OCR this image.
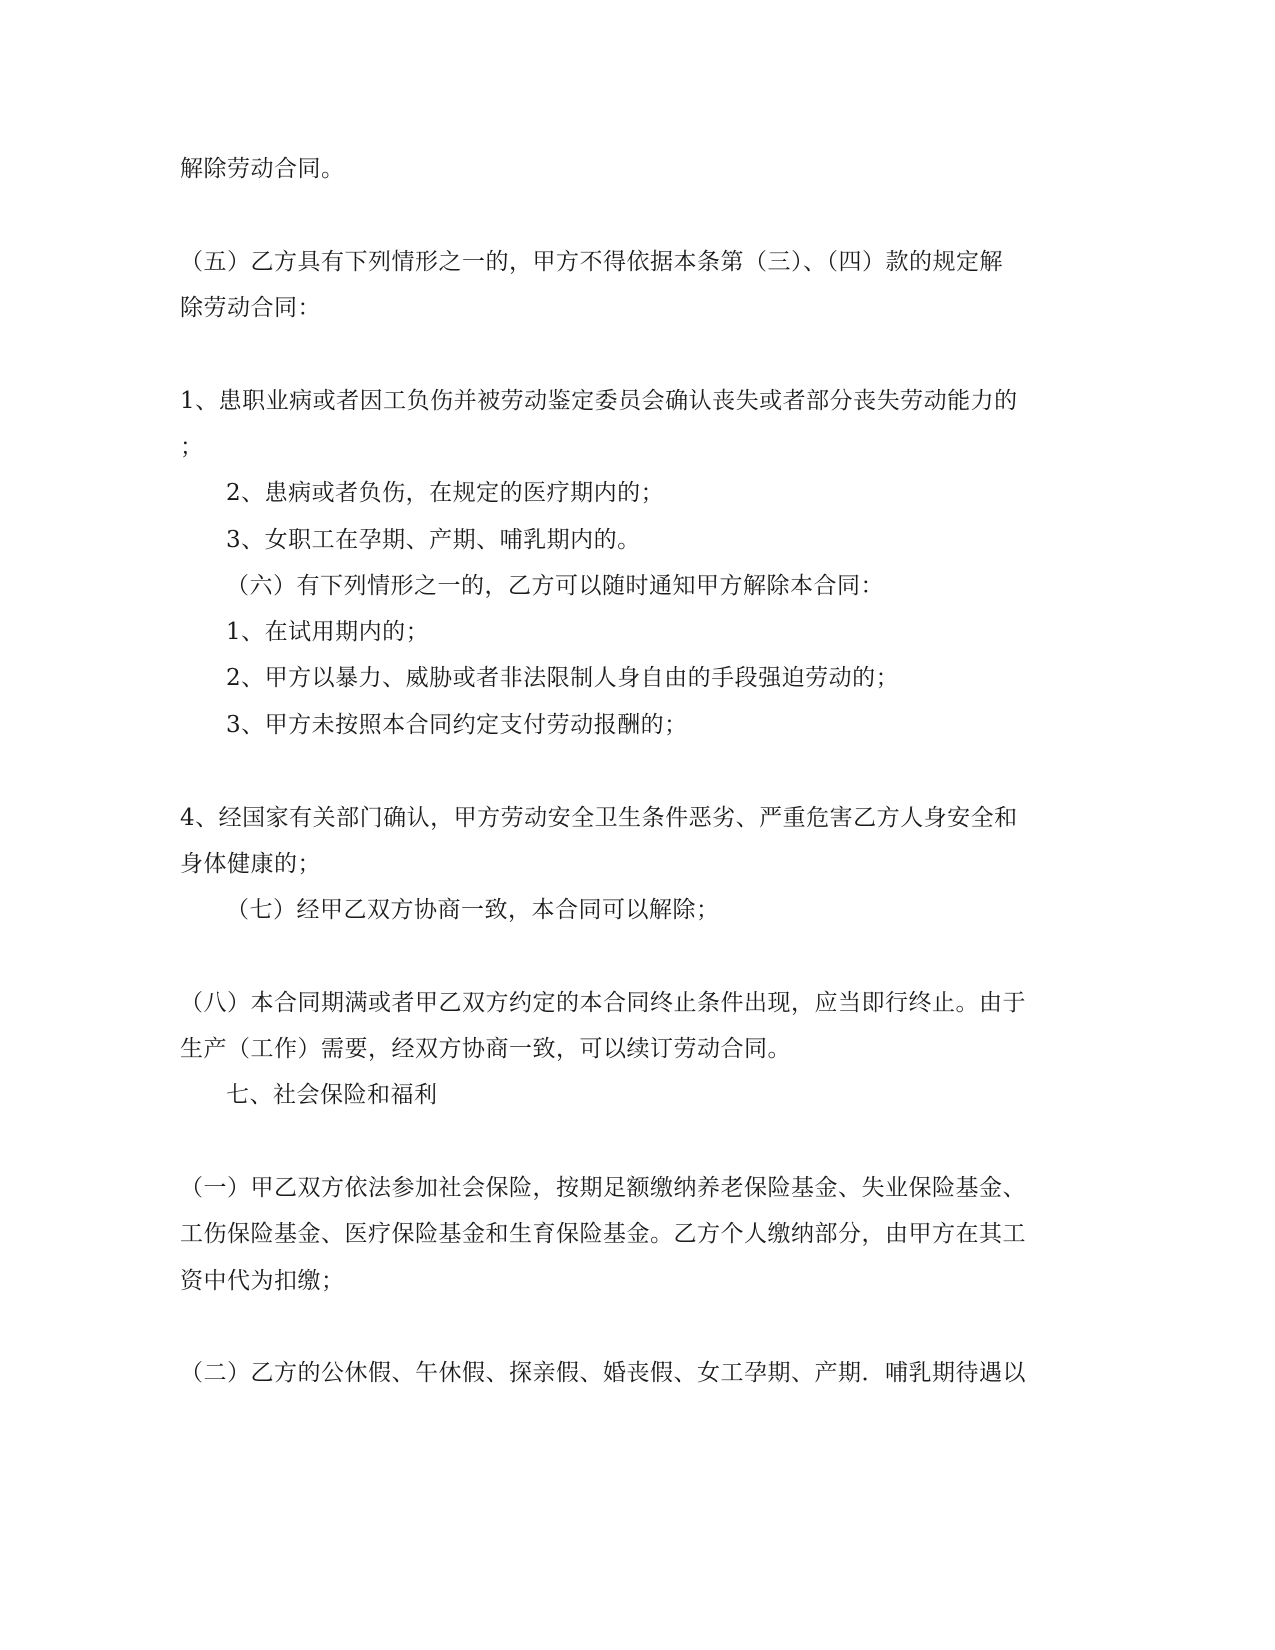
解除劳动合同。
（五）乙方具有下列情形之一的，甲方不得依据本条第（三）、（四）款的规定解
除劳动合同：
1、患职业病或者因工负伤并被劳动鉴定委员会确认丧失或者部分丧失劳动能力的
；
2、患病或者负伤，在规定的医疗期内的；
3、女职工在孕期、产期、哺乳期内的。
（六）有下列情形之一的，乙方可以随时通知甲方解除本合同：
1、在试用期内的；
2、甲方以暴力、威胁或者非法限制人身自由的手段强迫劳动的；
3、甲方未按照本合同约定支付劳动报酬的；
4、经国家有关部门确认，甲方劳动安全卫生条件恶劣、严重危害乙方人身安全和
身体健康的；
（七）经甲乙双方协商一致，本合同可以解除；
（八）本合同期满或者甲乙双方约定的本合同终止条件出现，应当即行终止。由于
生产（工作）需要，经双方协商一致，可以续订劳动合同。
七、社会保险和福利
（一）甲乙双方依法参加社会保险，按期足额缴纳养老保险基金、失业保险基金、
工伤保险基金、医疗保险基金和生育保险基金。乙方个人缴纳部分，由甲方在其工
资中代为扣缴；
（二）乙方的公休假、午休假、探亲假、婚丧假、女工孕期、产期．哺乳期待遇以
